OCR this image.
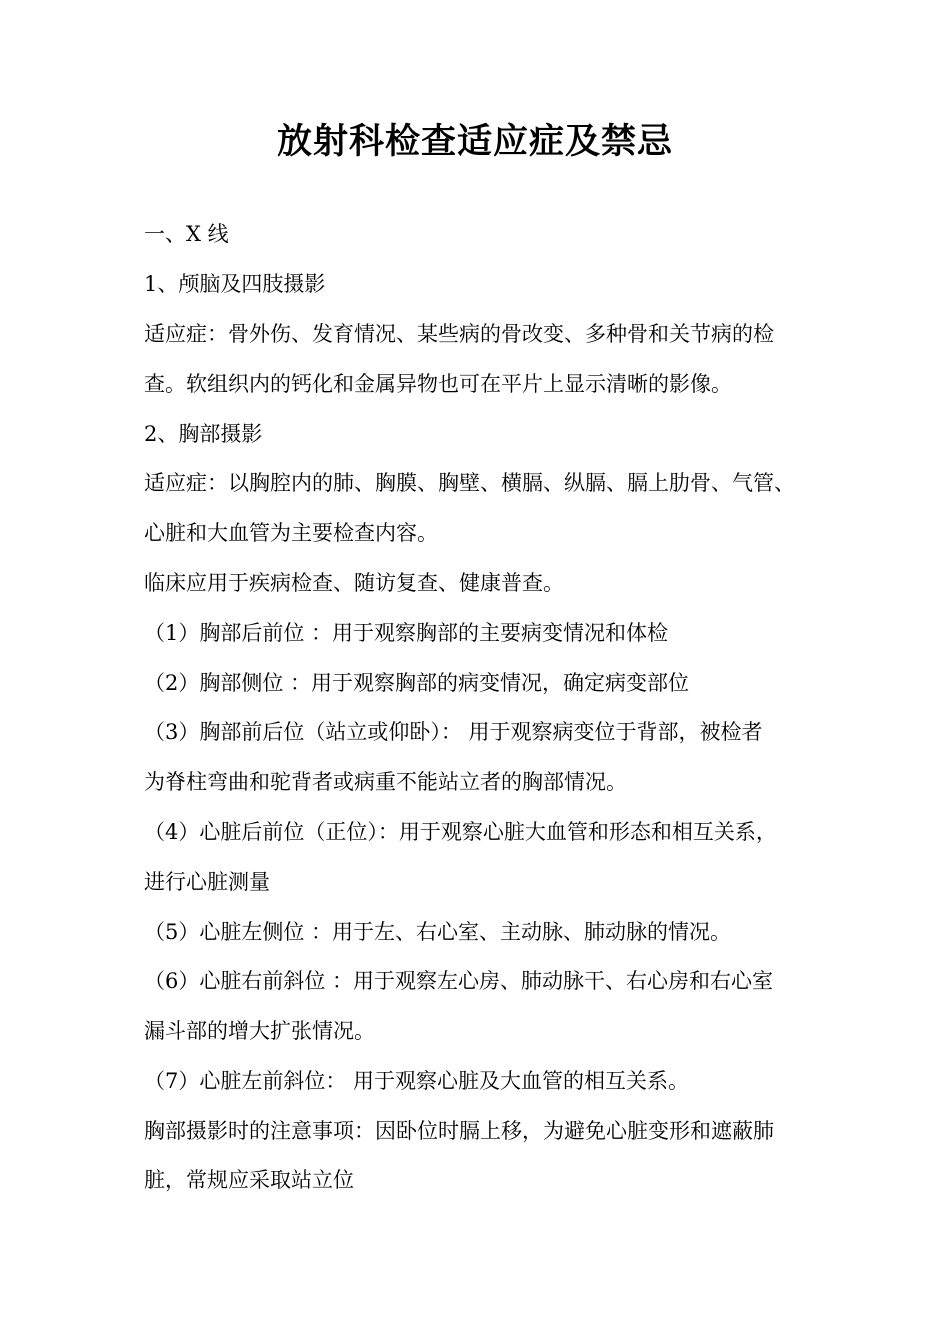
放射科检查适应症及禁忌
一、X 线
1、颅脑及四肢摄影
适应症：骨外伤、发育情况、某些病的骨改变、多种骨和关节病的检
查。软组织内的钙化和金属异物也可在平片上显示清晰的影像。
2、胸部摄影
适应症：以胸腔内的肺、胸膜、胸壁、横膈、纵膈、膈上肋骨、气管、
心脏和大血管为主要检查内容。
临床应用于疾病检查、随访复查、健康普查。
（1）胸部后前位 ：用于观察胸部的主要病变情况和体检
（2）胸部侧位 ：用于观察胸部的病变情况，确定病变部位
（3）胸部前后位（站立或仰卧）： 用于观察病变位于背部，被检者
为脊柱弯曲和驼背者或病重不能站立者的胸部情况。
（4）心脏后前位（正位）：用于观察心脏大血管和形态和相互关系，
进行心脏测量
（5）心脏左侧位 ：用于左、右心室、主动脉、肺动脉的情况。
（6）心脏右前斜位 ：用于观察左心房、肺动脉干、右心房和右心室
漏斗部的增大扩张情况。
（7）心脏左前斜位： 用于观察心脏及大血管的相互关系。
胸部摄影时的注意事项：因卧位时膈上移，为避免心脏变形和遮蔽肺
脏，常规应采取站立位
